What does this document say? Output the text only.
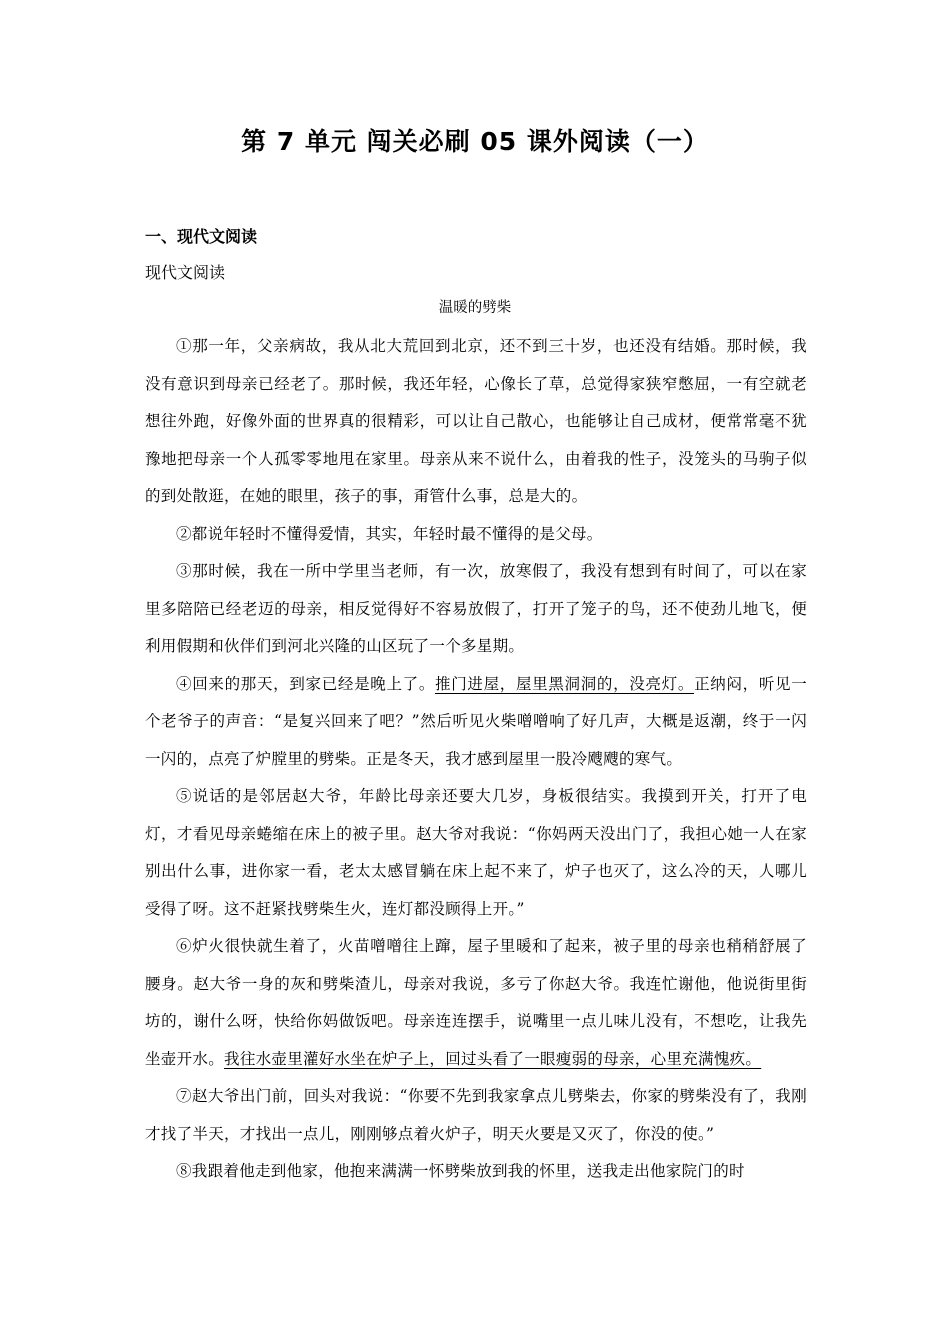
第 7 单元 闯关必刷 05 课外阅读（一）
一、现代文阅读

现代文阅读

温暖的劈柴

①那一年，父亲病故，我从北大荒回到北京，还不到三十岁，也还没有结婚。那时候，我没有意识到母亲已经老了。那时候，我还年轻，心像长了草，总觉得家狭窄憋屈，一有空就老想往外跑，好像外面的世界真的很精彩，可以让自己散心，也能够让自己成材，便常常毫不犹豫地把母亲一个人孤零零地甩在家里。母亲从来不说什么，由着我的性子，没笼头的马驹子似的到处散逛，在她的眼里，孩子的事，甭管什么事，总是大的。

②都说年轻时不懂得爱情，其实，年轻时最不懂得的是父母。

③那时候，我在一所中学里当老师，有一次，放寒假了，我没有想到有时间了，可以在家里多陪陪已经老迈的母亲，相反觉得好不容易放假了，打开了笼子的鸟，还不使劲儿地飞，便利用假期和伙伴们到河北兴隆的山区玩了一个多星期。

④回来的那天，到家已经是晚上了。推门进屋，屋里黑洞洞的，没亮灯。正纳闷，听见一个老爷子的声音：“是复兴回来了吧？”然后听见火柴噌噌响了好几声，大概是返潮，终于一闪一闪的，点亮了炉膛里的劈柴。正是冬天，我才感到屋里一股冷飕飕的寒气。

⑤说话的是邻居赵大爷，年龄比母亲还要大几岁，身板很结实。我摸到开关，打开了电灯，才看见母亲蜷缩在床上的被子里。赵大爷对我说：“你妈两天没出门了，我担心她一人在家别出什么事，进你家一看，老太太感冒躺在床上起不来了，炉子也灭了，这么冷的天，人哪儿受得了呀。这不赶紧找劈柴生火，连灯都没顾得上开。”

⑥炉火很快就生着了，火苗噌噌往上蹿，屋子里暖和了起来，被子里的母亲也稍稍舒展了腰身。赵大爷一身的灰和劈柴渣儿，母亲对我说，多亏了你赵大爷。我连忙谢他，他说街里街坊的，谢什么呀，快给你妈做饭吧。母亲连连摆手，说嘴里一点儿味儿没有，不想吃，让我先坐壶开水。我往水壶里灌好水坐在炉子上，回过头看了一眼瘦弱的母亲，心里充满愧疚。

⑦赵大爷出门前，回头对我说：“你要不先到我家拿点儿劈柴去，你家的劈柴没有了，我刚才找了半天，才找出一点儿，刚刚够点着火炉子，明天火要是又灭了，你没的使。”

⑧我跟着他走到他家，他抱来满满一怀劈柴放到我的怀里，送我走出他家院门的时
